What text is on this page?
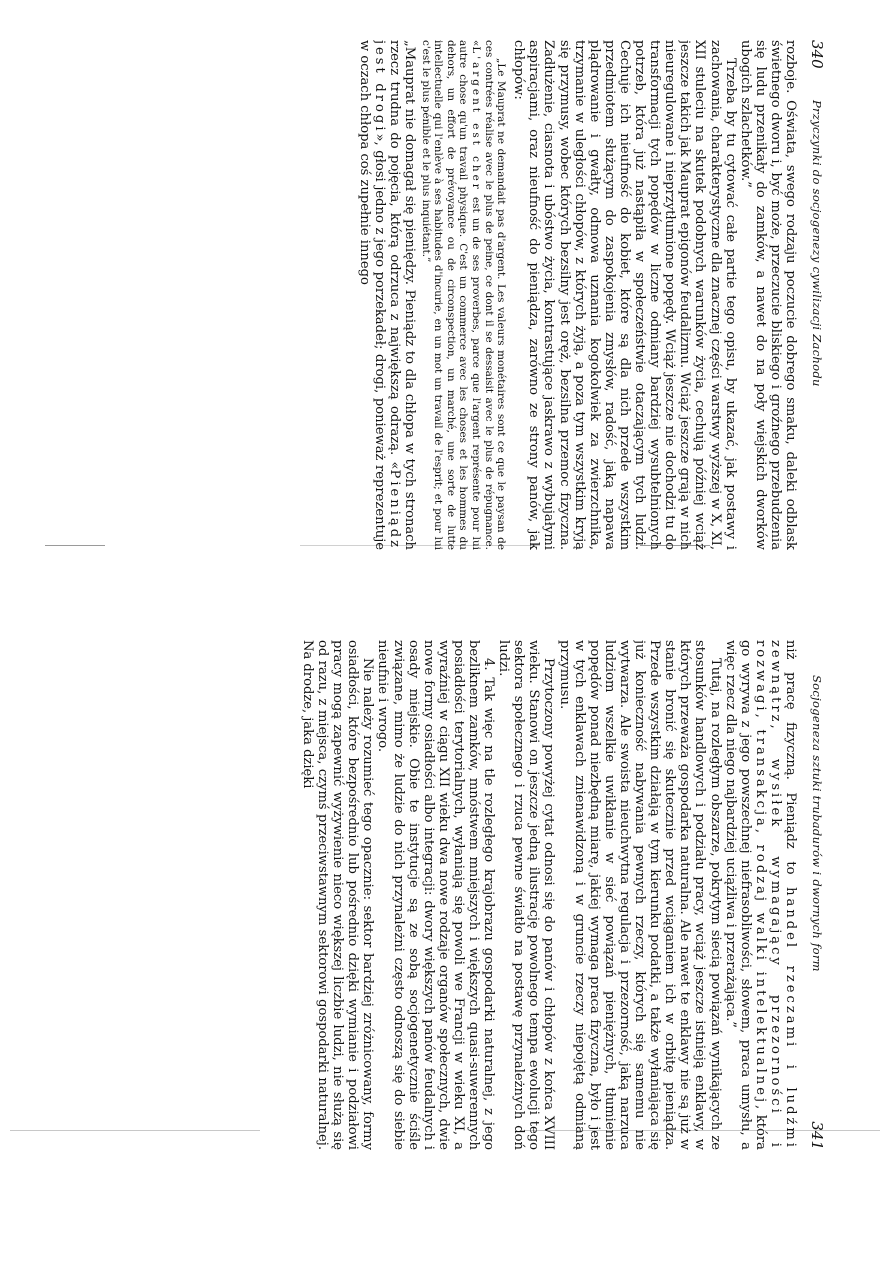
340
Przyczynki do socjogenezy cywilizacji Zachodu

rozboje. Oświata, swego rodzaju poczucie dobrego smaku, daleki odblask świetnego dworu i, być może, przeczucie bliskiego i groźnego przebudzenia się ludu przenikały do zamków, a nawet do na poły wiejskich dworków ubogich szlachetków.”

Trzeba by tu cytować całe partie tego opisu, by ukazać, jak postawy i zachowania, charakterystyczne dla znacznej części warstwy wyższej w X, XI, XII stuleciu na skutek podobnych warunków życia, cechują później wciąż jeszcze takich jak Mauprat epigonów feudalizmu. Wciąż jeszcze grają w nich nieuregulowane i nieprzytłumione popędy. Wciąż jeszcze nie dochodzi tu do transformacji tych popędów w liczne odmiany bardziej wysubtelnionych potrzeb, która już nastąpiła w społeczeństwie otaczającym tych ludzi. Cechuje ich nieufność do kobiet, które są dla nich przede wszystkim przedmiotem służącym do zaspokojenia zmysłów, radość, jaką napawa plądrowanie i gwałty, odmowa uznania kogokolwiek za zwierzchnika, trzymanie w uległości chłopów, z których żyją, a poza tym wszystkim kryją się przymusy, wobec których bezsilny jest oręż, bezsilna przemoc fizyczna. Zadłużenie, ciasnota i ubóstwo życia, kontrastujące jaskrawo z wybujałymi aspiracjami, oraz nieufność do pieniądza, zarówno ze strony panów, jak chłopów:

„Le Mauprat ne demandait pas d'argent. Les valeurs monétaires sont ce que le paysan de ces contrées réalise avec le plus de peine, ce dont il se dessaisit avec le plus de répugnance. «L'argent est cher est un de ses proverbes, parce que l'argent représente pour lui autre chose qu'un travail physique. C'est un commerce avec les choses et les hommes du dehors, un effort de prévoyance ou de circonspection, un marché, une sorte de lutte intellectuelle qui l'enlève à ses habitudes d'incurie, en un mot un travail de l'esprit; et pour lui c'est le plus pénible et le plus inquiétant.”

„Mauprat nie domagał się pieniędzy. Pieniądz to dla chłopa w tych stronach rzecz trudna do pojęcia, którą odrzuca z największą odrazą. «Pieniądz jest drogi», głosi jedno z jego porzekadeł; drogi, ponieważ reprezentuje w oczach chłopa coś zupełnie innego

Socjogeneza sztuki trubadurów i dwornych form
341

niż pracę fizyczną. Pieniądz to handel rzeczami i ludźmi zewnątrz, wysiłek wymagający przezorności i rozwagi, transakcja, rodzaj walki intelektualnej, która go wyrywa z jego powszechnej niefrasobliwości, słowem, praca umysłu, a więc rzecz dla niego najbardziej uciążliwa i przerażająca.”

Tutaj, na rozległym obszarze, pokrytym siecią powiązań wynikających ze stosunków handlowych i podziału pracy, wciąż jeszcze istnieją enklawy, w których przeważa gospodarka naturalna. Ale nawet te enklawy nie są już w stanie bronić się skutecznie przed wciąganiem ich w orbitę pieniądza. Przede wszystkim działają w tym kierunku podatki, a także wyłaniająca się już konieczność nabywania pewnych rzeczy, których się samemu nie wytwarza. Ale swoista nieuchwytna regulacja i przezorność, jaką narzuca ludziom wszelkie uwikłanie w sieć powiązań pieniężnych, tłumienie popędów ponad niezbędną miarę, jakiej wymaga praca fizyczna, było i jest w tych enklawach znienawidzoną i w gruncie rzeczy niepojętą odmianą przymusu.

Przytoczony powyżej cytat odnosi się do panów i chłopów z końca XVIII wieku. Stanowi on jeszcze jedną ilustrację powolnego tempa ewolucji tego sektora społecznego i rzuca pewne światło na postawę przynależnych doń ludzi.

4. Tak więc na tle rozległego krajobrazu gospodarki naturalnej, z jego bezliknem zamków, mnóstwem mniejszych i większych quasi-suwerennych posiadłości terytorialnych, wyłaniają się powoli we Francji w wieku XI, a wyraźniej w ciągu XII wieku dwa nowe rodzaje organów społecznych, dwie nowe formy osiadłości albo integracji: dwory większych panów feudalnych i osady miejskie. Obie te instytucje są ze sobą socjogenetycznie ściśle związane, mimo że ludzie do nich przynależni często odnoszą się do siebie nieufnie i wrogo.

Nie należy rozumieć tego opacznie: sektor bardziej zróżnicowany, formy osiadłości, które bezpośrednio lub pośrednio dzięki wymianie i podziałowi pracy mogą zapewnić wyżywienie nieco większej liczbie ludzi, nie służą się od razu, z miejsca, czymś przeciwstawnym sektorowi gospodarki naturalnej. Na drodze, jaka dzięki
